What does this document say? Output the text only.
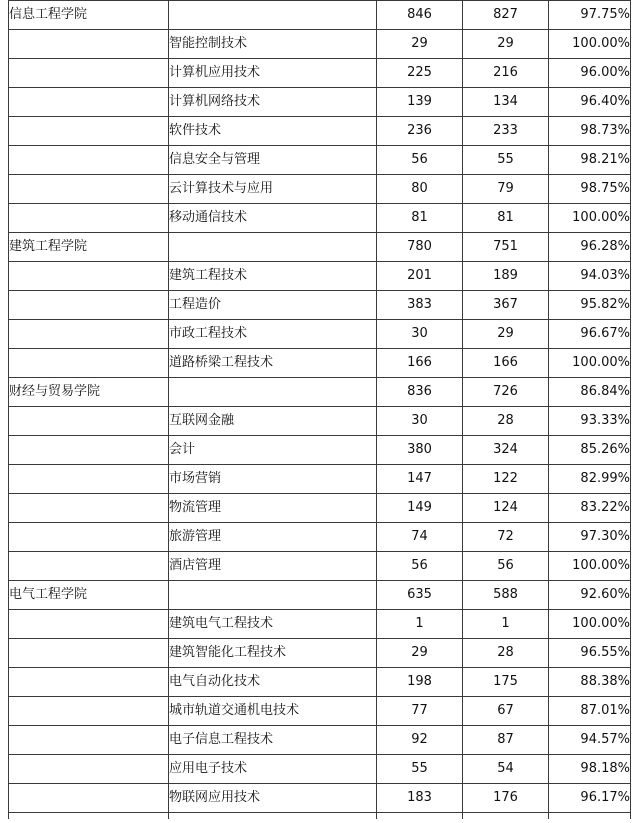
信息工程学院		846	827	97.75%
	智能控制技术	29	29	100.00%
	计算机应用技术	225	216	96.00%
	计算机网络技术	139	134	96.40%
	软件技术	236	233	98.73%
	信息安全与管理	56	55	98.21%
	云计算技术与应用	80	79	98.75%
	移动通信技术	81	81	100.00%
建筑工程学院		780	751	96.28%
	建筑工程技术	201	189	94.03%
	工程造价	383	367	95.82%
	市政工程技术	30	29	96.67%
	道路桥梁工程技术	166	166	100.00%
财经与贸易学院		836	726	86.84%
	互联网金融	30	28	93.33%
	会计	380	324	85.26%
	市场营销	147	122	82.99%
	物流管理	149	124	83.22%
	旅游管理	74	72	97.30%
	酒店管理	56	56	100.00%
电气工程学院		635	588	92.60%
	建筑电气工程技术	1	1	100.00%
	建筑智能化工程技术	29	28	96.55%
	电气自动化技术	198	175	88.38%
	城市轨道交通机电技术	77	67	87.01%
	电子信息工程技术	92	87	94.57%
	应用电子技术	55	54	98.18%
	物联网应用技术	183	176	96.17%
